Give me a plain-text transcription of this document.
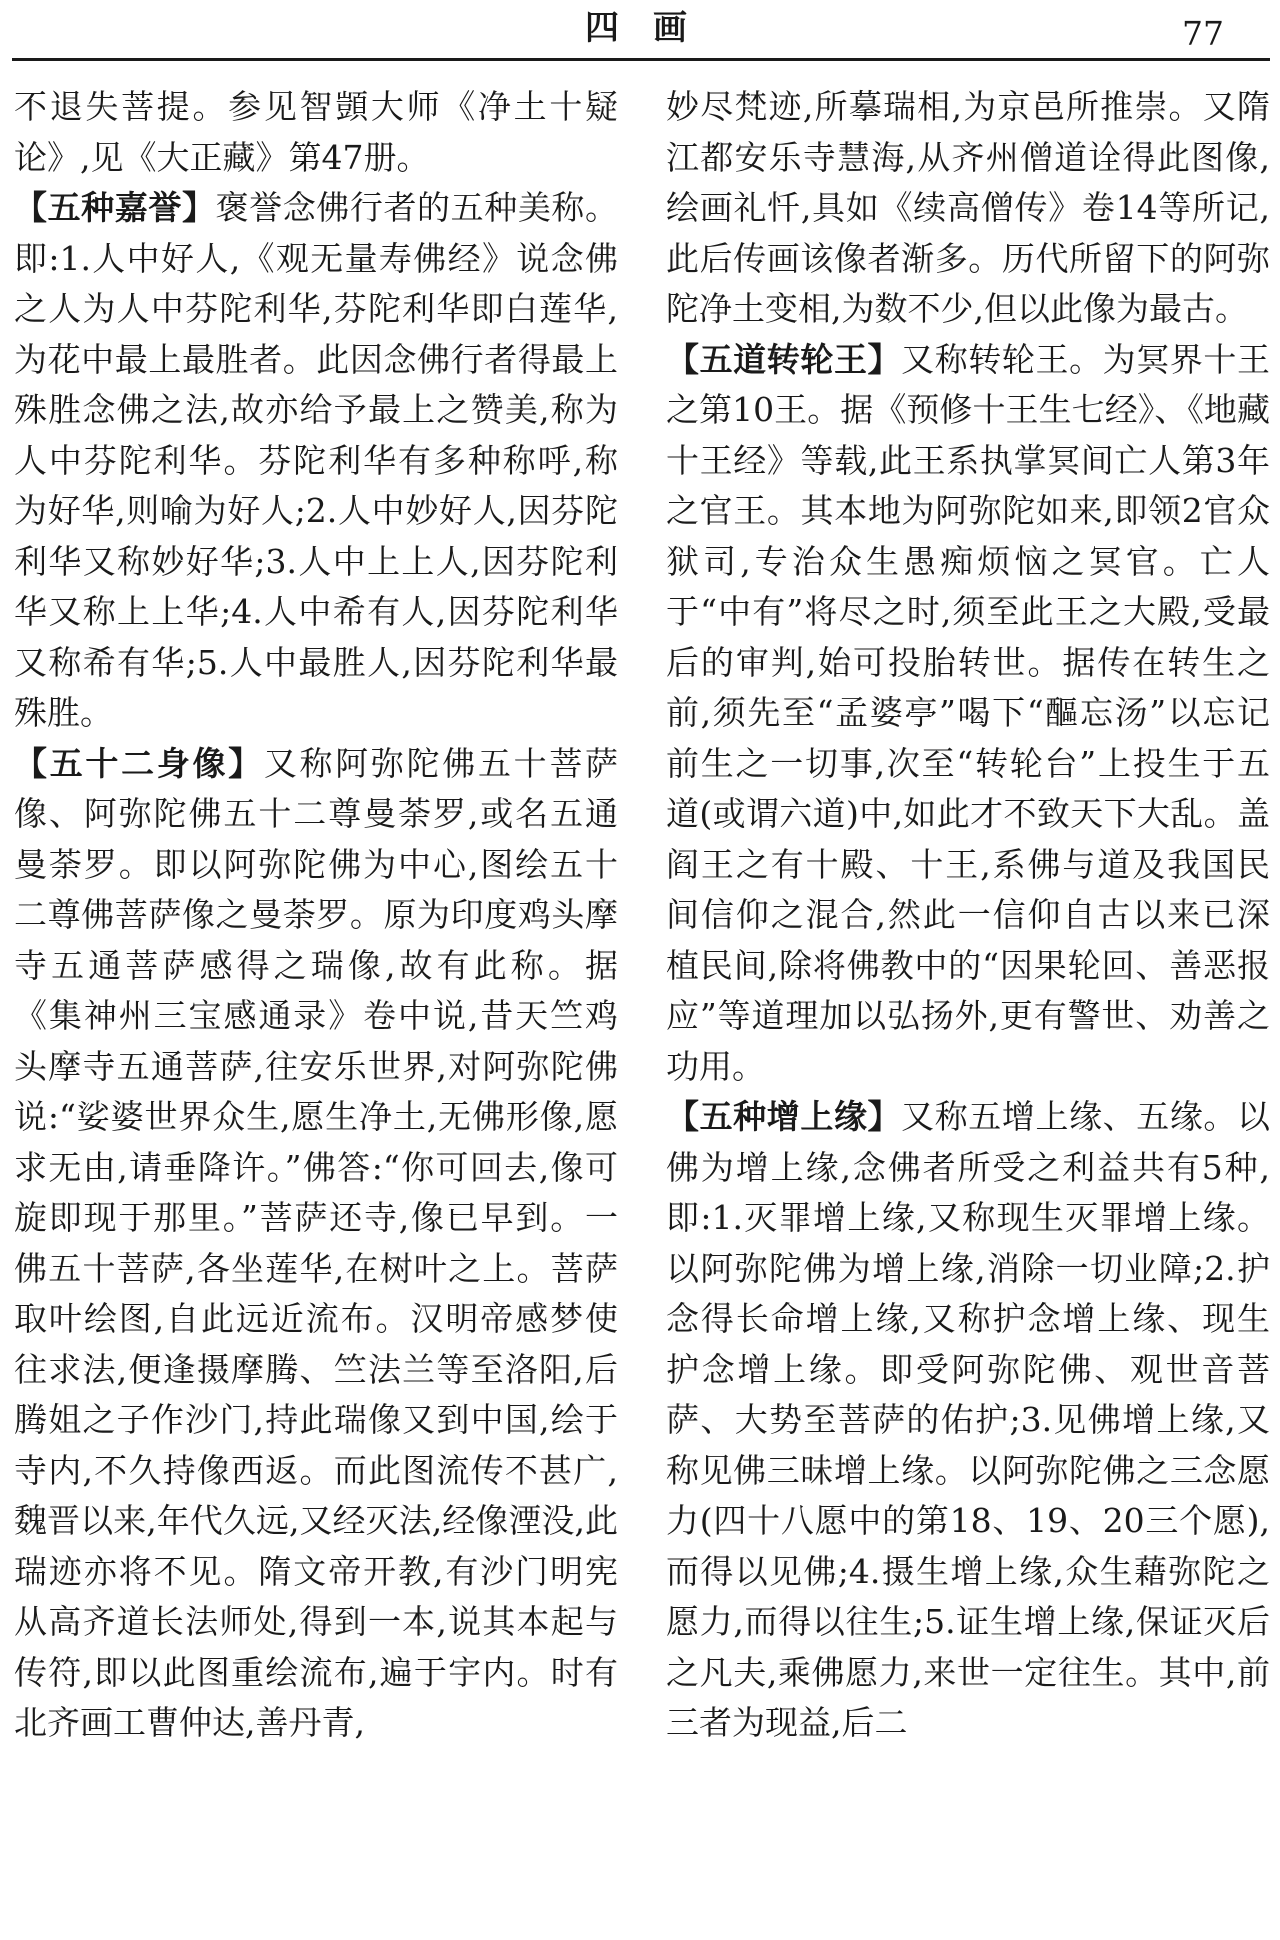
四画	77

不退失菩提。参见智顗大师《净土十疑论》,见《大正藏》第47册。

【五种嘉誉】褒誉念佛行者的五种美称。即:1.人中好人,《观无量寿佛经》说念佛之人为人中芬陀利华,芬陀利华即白莲华,为花中最上最胜者。此因念佛行者得最上殊胜念佛之法,故亦给予最上之赞美,称为人中芬陀利华。芬陀利华有多种称呼,称为好华,则喻为好人;2.人中妙好人,因芬陀利华又称妙好华;3.人中上上人,因芬陀利华又称上上华;4.人中希有人,因芬陀利华又称希有华;5.人中最胜人,因芬陀利华最殊胜。

【五十二身像】又称阿弥陀佛五十菩萨像、阿弥陀佛五十二尊曼荼罗,或名五通曼荼罗。即以阿弥陀佛为中心,图绘五十二尊佛菩萨像之曼荼罗。原为印度鸡头摩寺五通菩萨感得之瑞像,故有此称。据《集神州三宝感通录》卷中说,昔天竺鸡头摩寺五通菩萨,往安乐世界,对阿弥陀佛说:“娑婆世界众生,愿生净土,无佛形像,愿求无由,请垂降许。”佛答:“你可回去,像可旋即现于那里。”菩萨还寺,像已早到。一佛五十菩萨,各坐莲华,在树叶之上。菩萨取叶绘图,自此远近流布。汉明帝感梦使往求法,便逢摄摩腾、竺法兰等至洛阳,后腾姐之子作沙门,持此瑞像又到中国,绘于寺内,不久持像西返。而此图流传不甚广,魏晋以来,年代久远,又经灭法,经像湮没,此瑞迹亦将不见。隋文帝开教,有沙门明宪从高齐道长法师处,得到一本,说其本起与传符,即以此图重绘流布,遍于宇内。时有北齐画工曹仲达,善丹青,

妙尽梵迹,所摹瑞相,为京邑所推崇。又隋江都安乐寺慧海,从齐州僧道诠得此图像,绘画礼忏,具如《续高僧传》卷14等所记,此后传画该像者渐多。历代所留下的阿弥陀净土变相,为数不少,但以此像为最古。

【五道转轮王】又称转轮王。为冥界十王之第10王。据《预修十王生七经》、《地藏十王经》等载,此王系执掌冥间亡人第3年之官王。其本地为阿弥陀如来,即领2官众狱司,专治众生愚痴烦恼之冥官。亡人于“中有”将尽之时,须至此王之大殿,受最后的审判,始可投胎转世。据传在转生之前,须先至“孟婆亭”喝下“醧忘汤”以忘记前生之一切事,次至“转轮台”上投生于五道(或谓六道)中,如此才不致天下大乱。盖阎王之有十殿、十王,系佛与道及我国民间信仰之混合,然此一信仰自古以来已深植民间,除将佛教中的“因果轮回、善恶报应”等道理加以弘扬外,更有警世、劝善之功用。

【五种增上缘】又称五增上缘、五缘。以佛为增上缘,念佛者所受之利益共有5种,即:1.灭罪增上缘,又称现生灭罪增上缘。以阿弥陀佛为增上缘,消除一切业障;2.护念得长命增上缘,又称护念增上缘、现生护念增上缘。即受阿弥陀佛、观世音菩萨、大势至菩萨的佑护;3.见佛增上缘,又称见佛三昧增上缘。以阿弥陀佛之三念愿力(四十八愿中的第18、19、20三个愿),而得以见佛;4.摄生增上缘,众生藉弥陀之愿力,而得以往生;5.证生增上缘,保证灭后之凡夫,乘佛愿力,来世一定往生。其中,前三者为现益,后二
